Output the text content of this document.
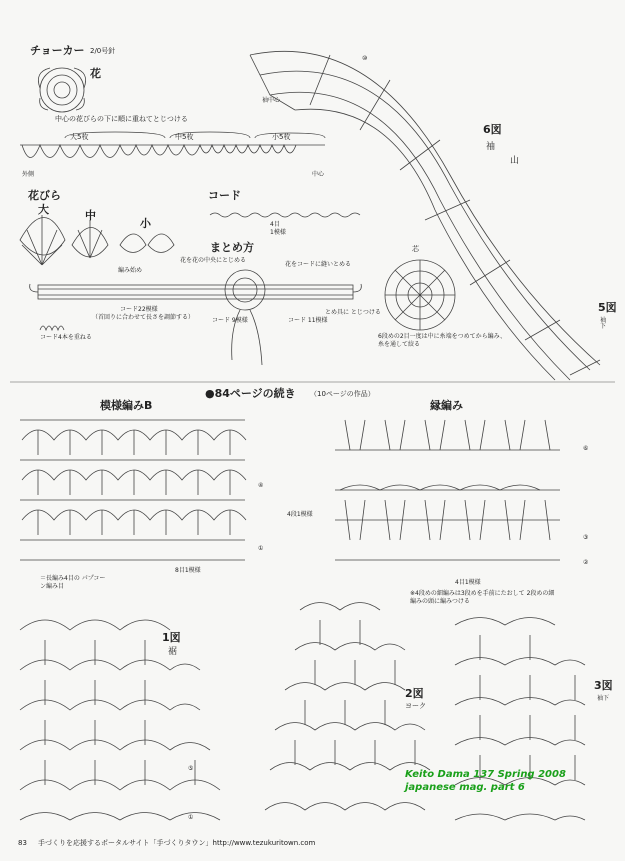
チョーカー 2/0号針
花
中心の花びらの下に順に重ねてとじつける
大5枚	中5枚	小5枚
外側	中心
花びら
大	中
小
編み始め
コード
4目
1模様
まとめ方
花を花の中央にとじめる
花をコードに縫いとめる
コード22模様
（首回りに合わせて長さを調節する）	コード 9模様	コード 11模様
とめ具に とじつける
コード4本を重ねる
6図
袖
山
袖中心
芯
6段めの2目一度は中に糸端をつめてから編み、糸を通して絞る
5図
袖下
●84ページの続き （10ページの作品）
模様編みB
4段1模様
8目1模様
＝長編み4目の パプコーン編み目
縁編み
4目1模様
※4段めの細編みは3段めを手前にたおして 2段めの細編みの頭に編みつける
1図
裾
2図
ヨーク
3図
袖下
⑩
④
①
⑥
③
②
⑤
①
Keito Dama 137 Spring 2008
japanese mag. part 6
83 手づくりを応援するポータルサイト「手づくりタウン」http://www.tezukuritown.com
